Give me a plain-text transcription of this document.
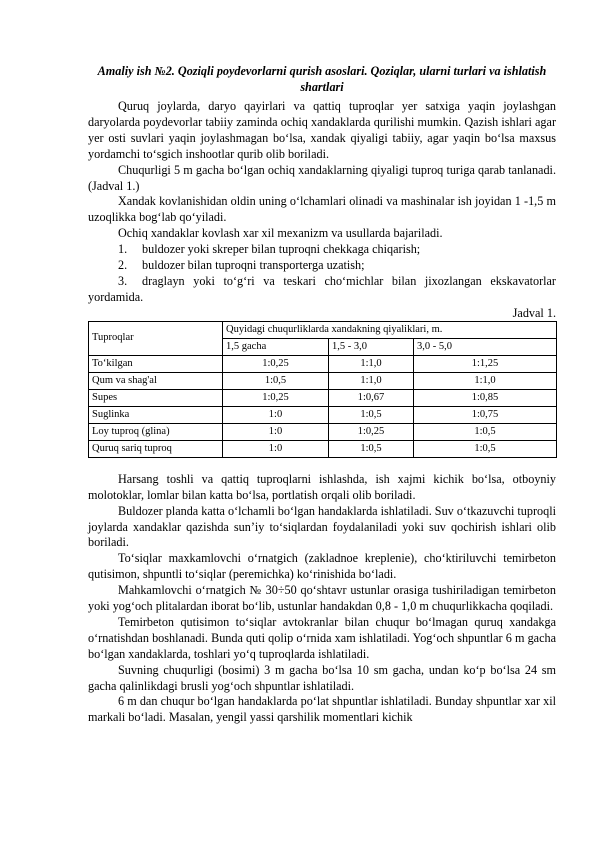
Amaliy ish №2. Qoziqli poydevorlarni qurish asoslari. Qoziqlar, ularni turlari va ishlatish shartlari

Quruq joylarda, daryo qayirlari va qattiq tuproqlar yer satxiga yaqin joylashgan daryolarda poydevorlar tabiiy zaminda ochiq xandaklarda qurilishi mumkin. Qazish ishlari agar yer osti suvlari yaqin joylashmagan bo‘lsa, xandak qiyaligi tabiiy, agar yaqin bo‘lsa maxsus yordamchi to‘sgich inshootlar qurib olib boriladi.

Chuqurligi 5 m gacha bo‘lgan ochiq xandaklarning qiyaligi tuproq turiga qarab tanlanadi.(Jadval 1.)

Xandak kovlanishidan oldin uning o‘lchamlari olinadi va mashinalar ish joyidan 1 -1,5 m uzoqlikka bog‘lab qo‘yiladi.

Ochiq xandaklar kovlash xar xil mexanizm va usullarda bajariladi.

1. buldozer yoki skreper bilan tuproqni chekkaga chiqarish;

2. buldozer bilan tuproqni transporterga uzatish;

3. draglayn yoki to‘g‘ri va teskari cho‘michlar bilan jixozlangan ekskavatorlar yordamida.

Jadval 1.

Tuproqlar	Quyidagi chuqurliklarda xandakning qiyaliklari, m.		
	1,5 gacha	1,5 - 3,0	3,0 - 5,0
To‘kilgan	1:0,25	1:1,0	1:1,25
Qum va shag'al	1:0,5	1:1,0	1:1,0
Supes	1:0,25	1:0,67	1:0,85
Suglinka	1:0	1:0,5	1:0,75
Loy tuproq (glina)	1:0	1:0,25	1:0,5
Quruq sariq tuproq	1:0	1:0,5	1:0,5

Harsang toshli va qattiq tuproqlarni ishlashda, ish xajmi kichik bo‘lsa, otboyniy molotoklar, lomlar bilan katta bo‘lsa, portlatish orqali olib boriladi.

Buldozer planda katta o‘lchamli bo‘lgan handaklarda ishlatiladi. Suv o‘tkazuvchi tuproqli joylarda xandaklar qazishda sun’iy to‘siqlardan foydalaniladi yoki suv qochirish ishlari olib boriladi.

To‘siqlar maxkamlovchi o‘rnatgich (zakladnoe kreplenie), cho‘ktiriluvchi temirbeton qutisimon, shpuntli to‘siqlar (peremichka) ko‘rinishida bo‘ladi.

Mahkamlovchi o‘rnatgich № 30÷50 qo‘shtavr ustunlar orasiga tushiriladigan temirbeton yoki yog‘och plitalardan iborat bo‘lib, ustunlar handakdan 0,8 - 1,0 m chuqurlikkacha qoqiladi.

Temirbeton qutisimon to‘siqlar avtokranlar bilan chuqur bo‘lmagan quruq xandakga o‘rnatishdan boshlanadi. Bunda quti qolip o‘rnida xam ishlatiladi. Yog‘och shpuntlar 6 m gacha bo‘lgan xandaklarda, toshlari yo‘q tuproqlarda ishlatiladi.

Suvning chuqurligi (bosimi) 3 m gacha bo‘lsa 10 sm gacha, undan ko‘p bo‘lsa 24 sm gacha qalinlikdagi brusli yog‘och shpuntlar ishlatiladi.

6 m dan chuqur bo‘lgan handaklarda po‘lat shpuntlar ishlatiladi. Bunday shpuntlar xar xil markali bo‘ladi. Masalan, yengil yassi qarshilik momentlari kichik
